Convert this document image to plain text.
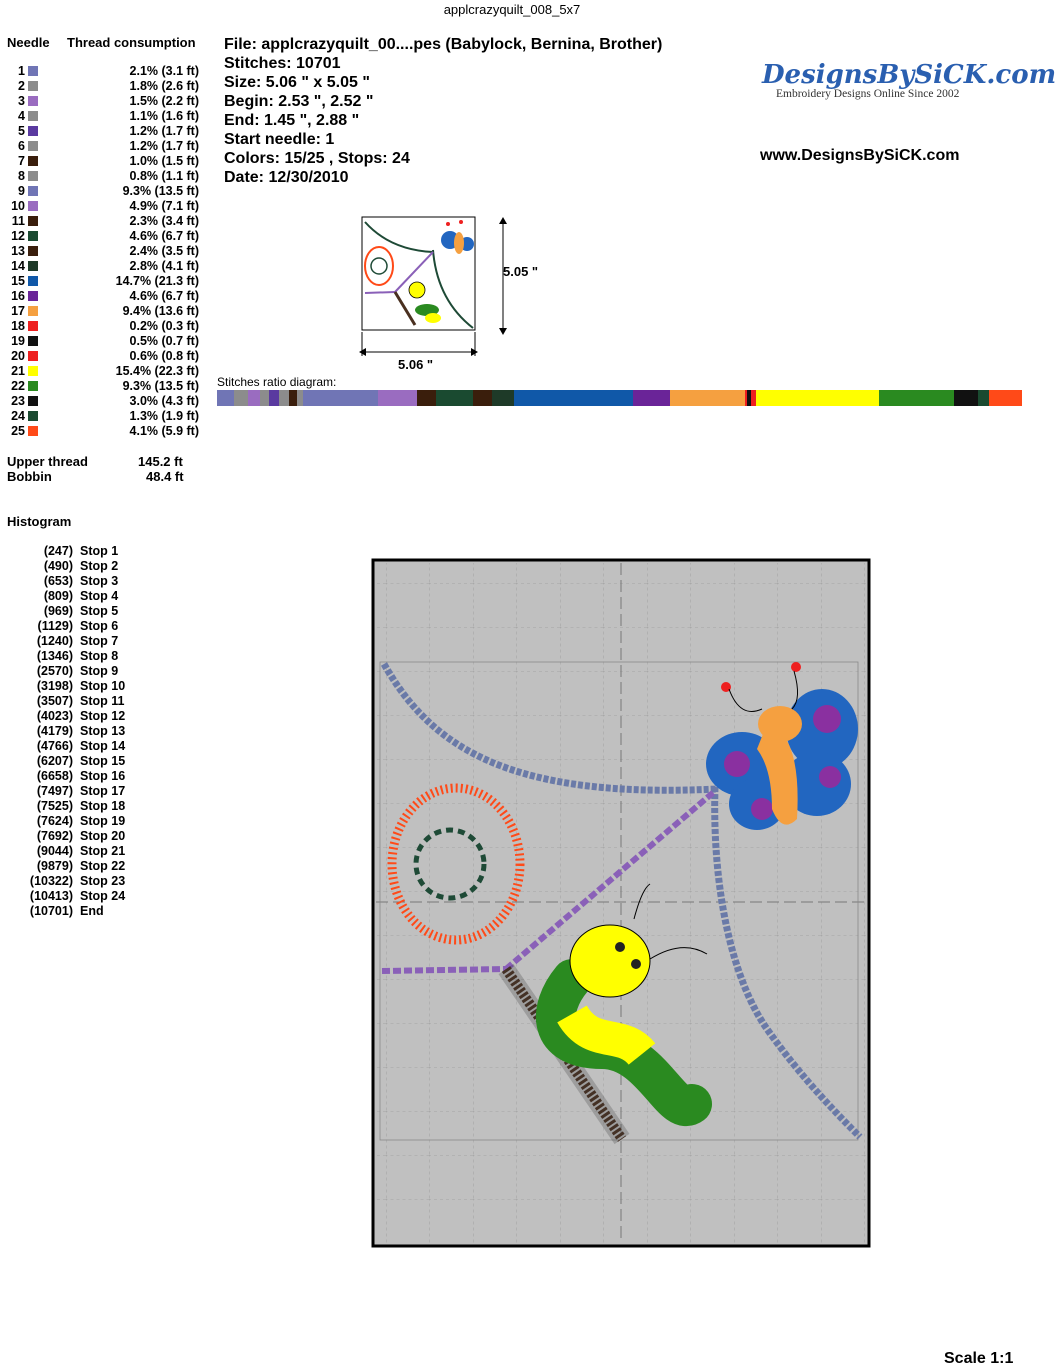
applcrazyquilt_008_5x7
Needle Thread consumption
1	2.1% (3.1 ft)
2	1.8% (2.6 ft)
3	1.5% (2.2 ft)
4	1.1% (1.6 ft)
5	1.2% (1.7 ft)
6	1.2% (1.7 ft)
7	1.0% (1.5 ft)
8	0.8% (1.1 ft)
9	9.3% (13.5 ft)
10	4.9% (7.1 ft)
11	2.3% (3.4 ft)
12	4.6% (6.7 ft)
13	2.4% (3.5 ft)
14	2.8% (4.1 ft)
15	14.7% (21.3 ft)
16	4.6% (6.7 ft)
17	9.4% (13.6 ft)
18	0.2% (0.3 ft)
19	0.5% (0.7 ft)
20	0.6% (0.8 ft)
21	15.4% (22.3 ft)
22	9.3% (13.5 ft)
23	3.0% (4.3 ft)
24	1.3% (1.9 ft)
25	4.1% (5.9 ft)
Upper thread	145.2 ft
Bobbin	48.4 ft
Histogram
(247) Stop 1
(490) Stop 2
(653) Stop 3
(809) Stop 4
(969) Stop 5
(1129) Stop 6
(1240) Stop 7
(1346) Stop 8
(2570) Stop 9
(3198) Stop 10
(3507) Stop 11
(4023) Stop 12
(4179) Stop 13
(4766) Stop 14
(6207) Stop 15
(6658) Stop 16
(7497) Stop 17
(7525) Stop 18
(7624) Stop 19
(7692) Stop 20
(9044) Stop 21
(9879) Stop 22
(10322) Stop 23
(10413) Stop 24
(10701) End
File: applcrazyquilt_00....pes (Babylock, Bernina, Brother)
Stitches: 10701
Size: 5.06 " x 5.05 "
Begin: 2.53 ", 2.52 "
End: 1.45 ", 2.88 "
Start needle: 1
Colors: 15/25 , Stops: 24
Date: 12/30/2010
DesignsBySiCK.com
Embroidery Designs Online Since 2002
www.DesignsBySiCK.com
5.05 "
5.06 "
Stitches ratio diagram:
Scale 1:1
